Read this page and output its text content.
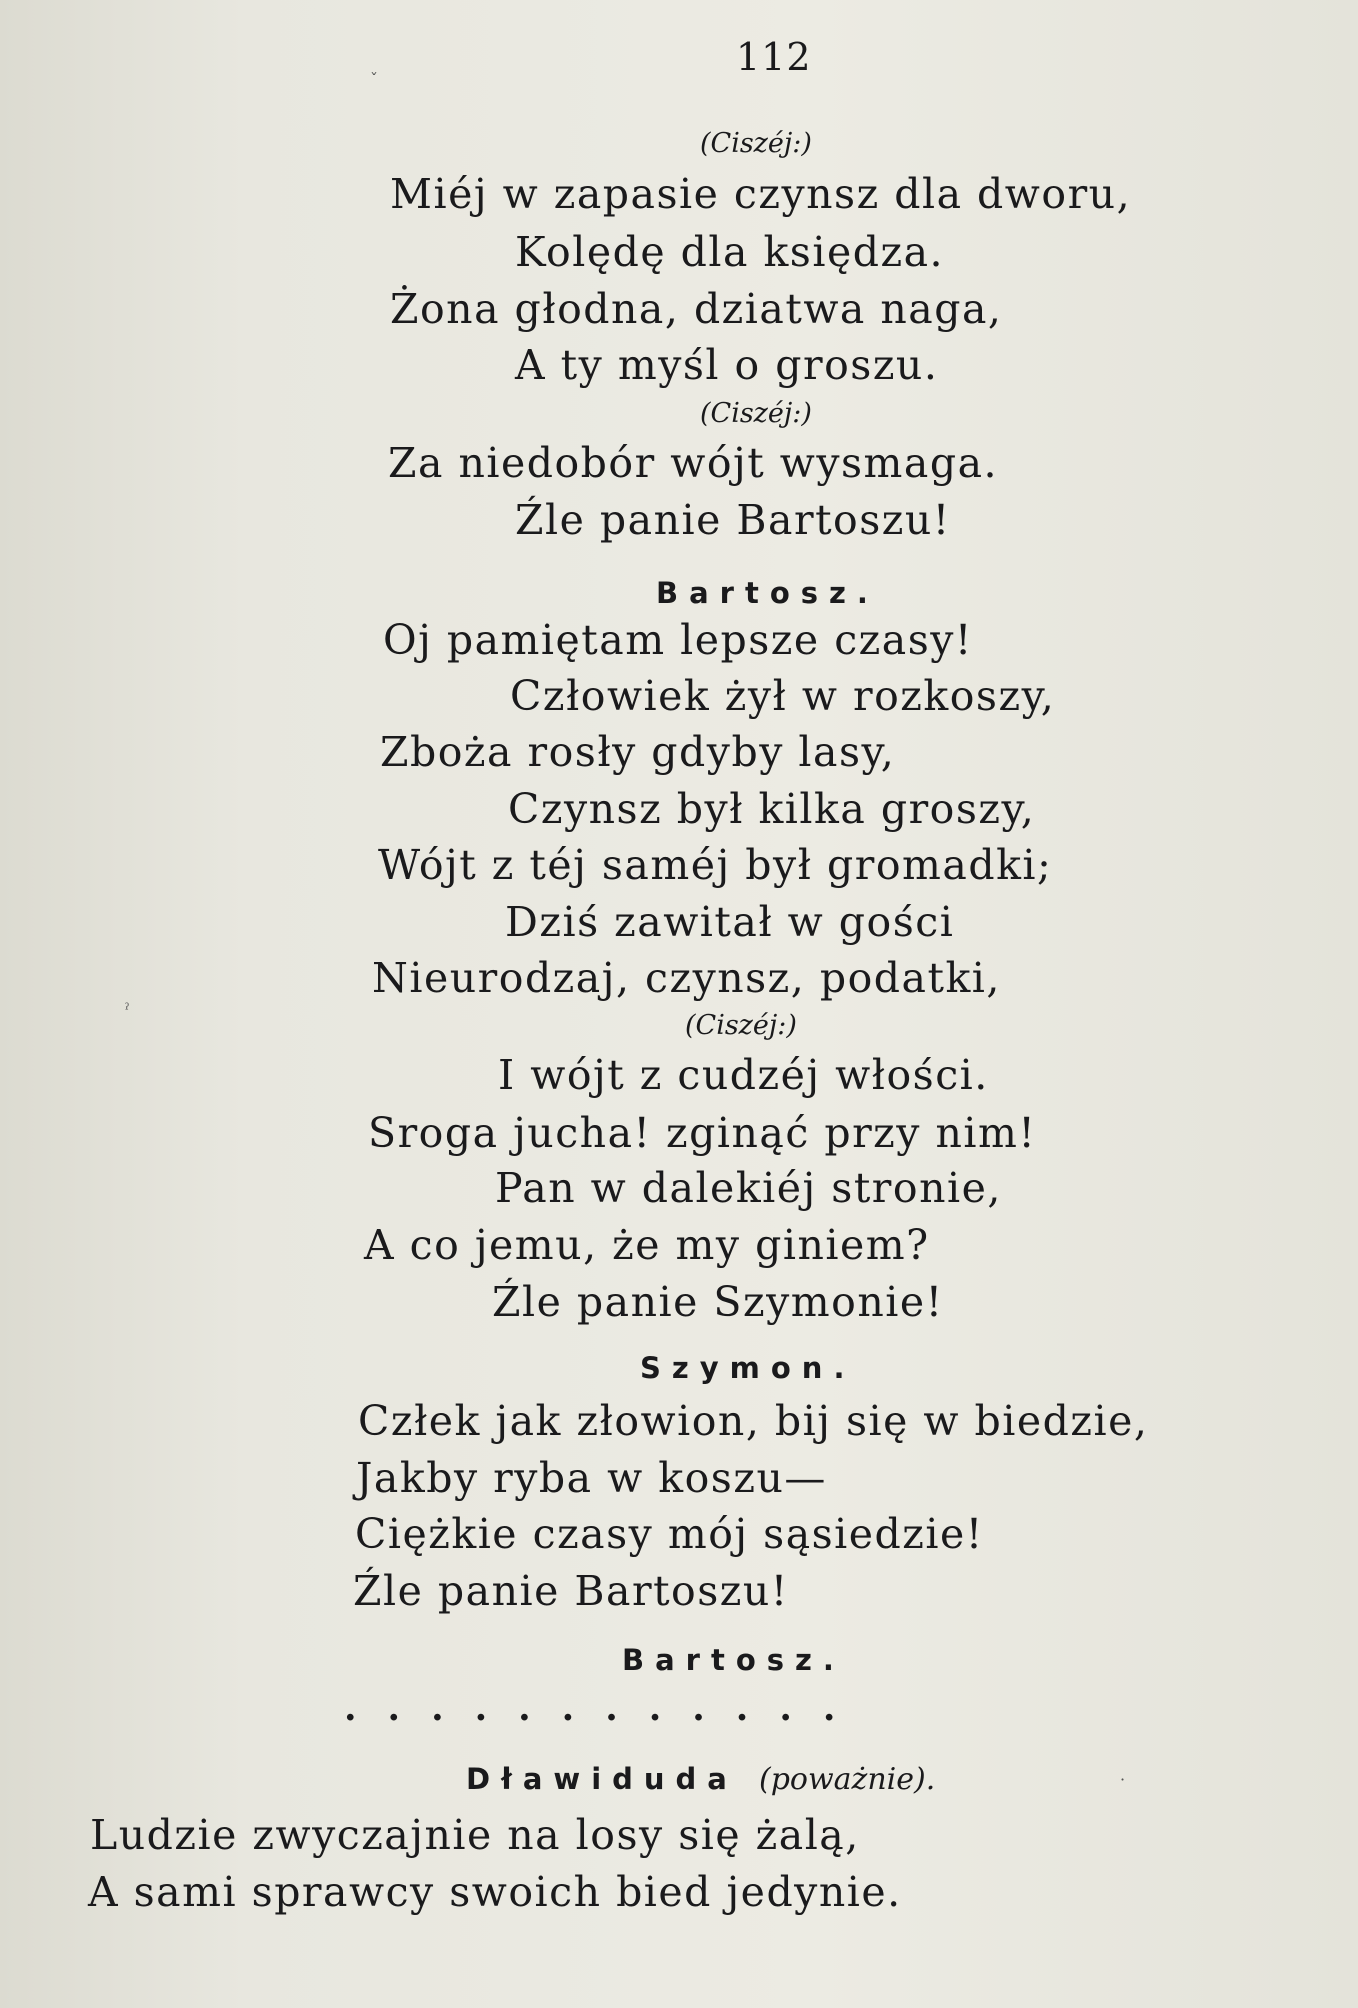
112
(Ciszéj:)
Miéj w zapasie czynsz dla dworu,
Kolędę dla księdza.
Żona głodna, dziatwa naga,
A ty myśl o groszu.
(Ciszéj:)
Za niedobór wójt wysmaga.
Źle panie Bartoszu!
Bartosz.
Oj pamiętam lepsze czasy!
Człowiek żył w rozkoszy,
Zboża rosły gdyby lasy,
Czynsz był kilka groszy,
Wójt z téj saméj był gromadki;
Dziś zawitał w gości
Nieurodzaj, czynsz, podatki,
(Ciszéj:)
I wójt z cudzéj włości.
Sroga jucha! zginąć przy nim!
Pan w dalekiéj stronie,
A co jemu, że my giniem?
Źle panie Szymonie!
Szymon.
Człek jak złowion, bij się w biedzie,
Jakby ryba w koszu—
Ciężkie czasy mój sąsiedzie!
Źle panie Bartoszu!
Bartosz.
............
Dławiduda (poważnie).
Ludzie zwyczajnie na losy się żalą,
A sami sprawcy swoich bied jedynie.
ˇ
ˀ
·
